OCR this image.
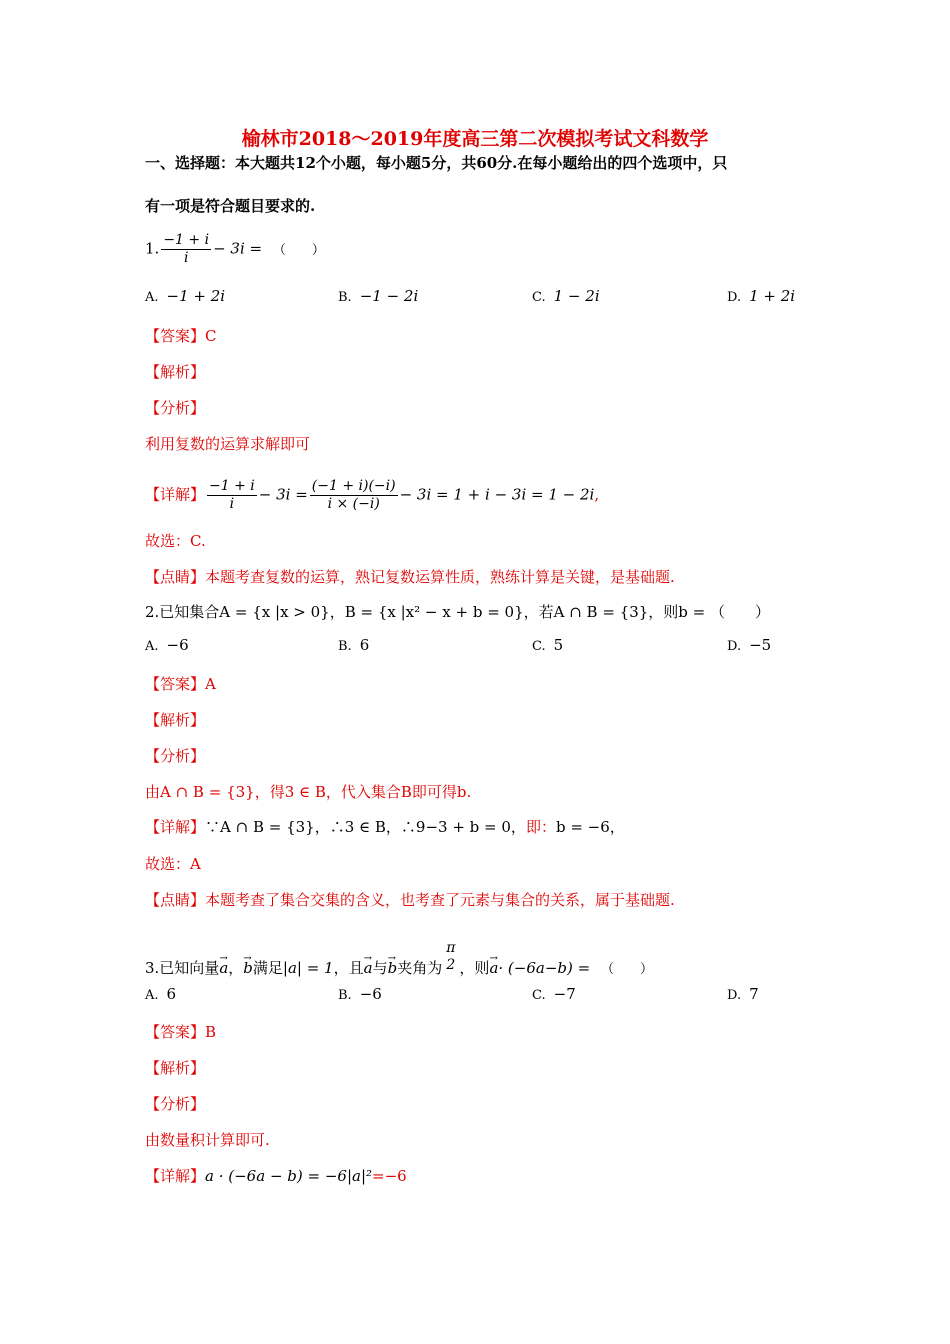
榆林市2018～2019年度高三第二次模拟考试文科数学
一、选择题：本大题共12个小题，每小题5分，共60分.在每小题给出的四个选项中，只
有一项是符合题目要求的.
1. $\frac{-1 + i}{i} - 3i$ = （　　）
A. −1 + 2i	B. −1 − 2i	C. 1 − 2i	D. 1 + 2i
【答案】C
【解析】
【分析】
利用复数的运算求解即可
【详解】 $\frac{-1 + i}{i} - 3i = \frac{(-1 + i)(-i)}{i \times (-i)} - 3i = 1 + i - 3i = 1 - 2i$,
故选：C.
【点睛】本题考查复数的运算，熟记复数运算性质，熟练计算是关键，是基础题.
2.已知集合A = {x |x > 0}，B = {x |x² − x + b = 0}，若A ∩ B = {3}，则b = （　　）
A. −6	B. 6	C. 5	D. −5
【答案】A
【解析】
【分析】
由A ∩ B = {3}，得3 ∈ B，代入集合B即可得b.
【详解】∵A ∩ B = {3}，∴3 ∈ B，∴9−3 + b = 0，即：b = −6，
故选：A
【点睛】本题考查了集合交集的含义，也考查了元素与集合的关系，属于基础题.
3.已知向量→ a，→ b满足|a| = 1，且→ a与→ b夹角为
π
2 ，则→ a· (−6a−b) = （　　）
A. 6	B. −6	C. −7	D. 7
【答案】B
【解析】
【分析】
由数量积计算即可.
【详解】a · (−6a − b) = −6|a|²=−6
